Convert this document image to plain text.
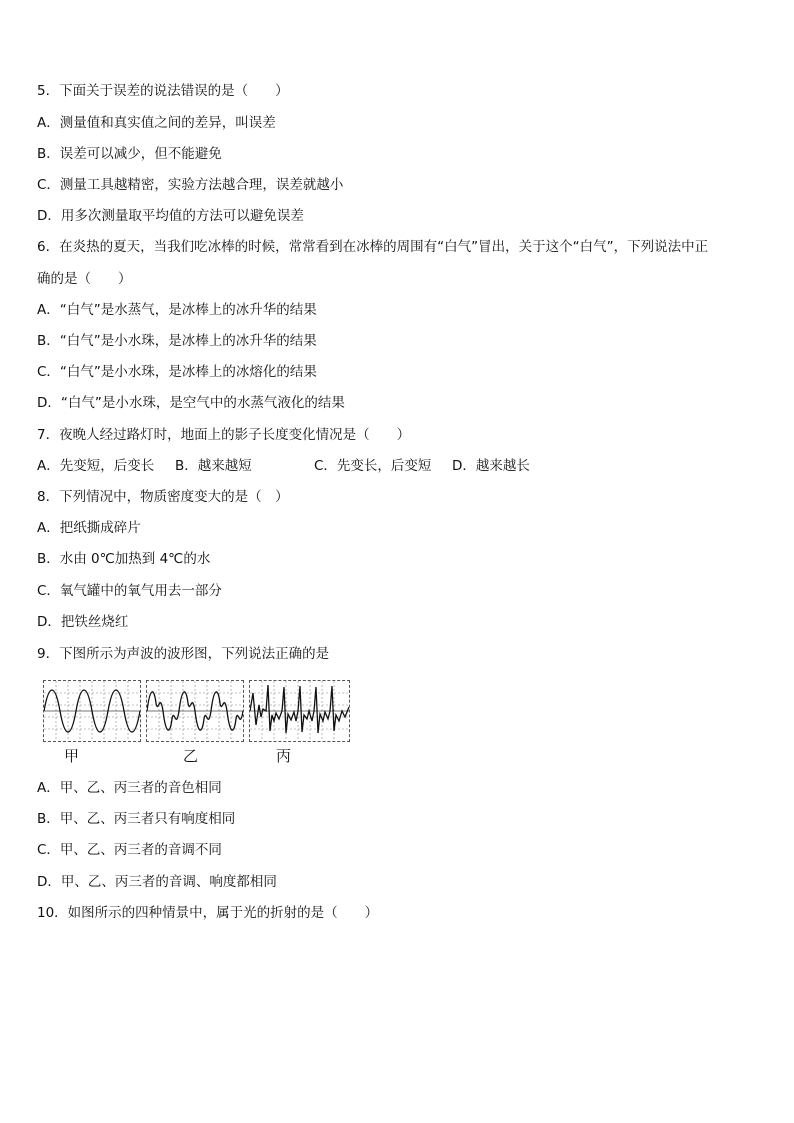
5．下面关于误差的说法错误的是（　　）
A．测量值和真实值之间的差异，叫误差
B．误差可以减少，但不能避免
C．测量工具越精密，实验方法越合理，误差就越小
D．用多次测量取平均值的方法可以避免误差
6．在炎热的夏天，当我们吃冰棒的时候，常常看到在冰棒的周围有“白气”冒出，关于这个“白气”，下列说法中正
确的是（　　）
A．“白气”是水蒸气，是冰棒上的冰升华的结果
B．“白气”是小水珠，是冰棒上的冰升华的结果
C．“白气”是小水珠，是冰棒上的冰熔化的结果
D．“白气”是小水珠，是空气中的水蒸气液化的结果
7．夜晚人经过路灯时，地面上的影子长度变化情况是（　　）
A．先变短，后变长 B．越来越短	C．先变长，后变短 D．越来越长
8．下列情况中，物质密度变大的是（　）
A．把纸撕成碎片
B．水由 0℃加热到 4℃的水
C．氧气罐中的氧气用去一部分
D．把铁丝烧红
9．下图所示为声波的波形图，下列说法正确的是
甲	乙	丙
A．甲、乙、丙三者的音色相同
B．甲、乙、丙三者只有响度相同
C．甲、乙、丙三者的音调不同
D．甲、乙、丙三者的音调、响度都相同
10．如图所示的四种情景中，属于光的折射的是（　　）
